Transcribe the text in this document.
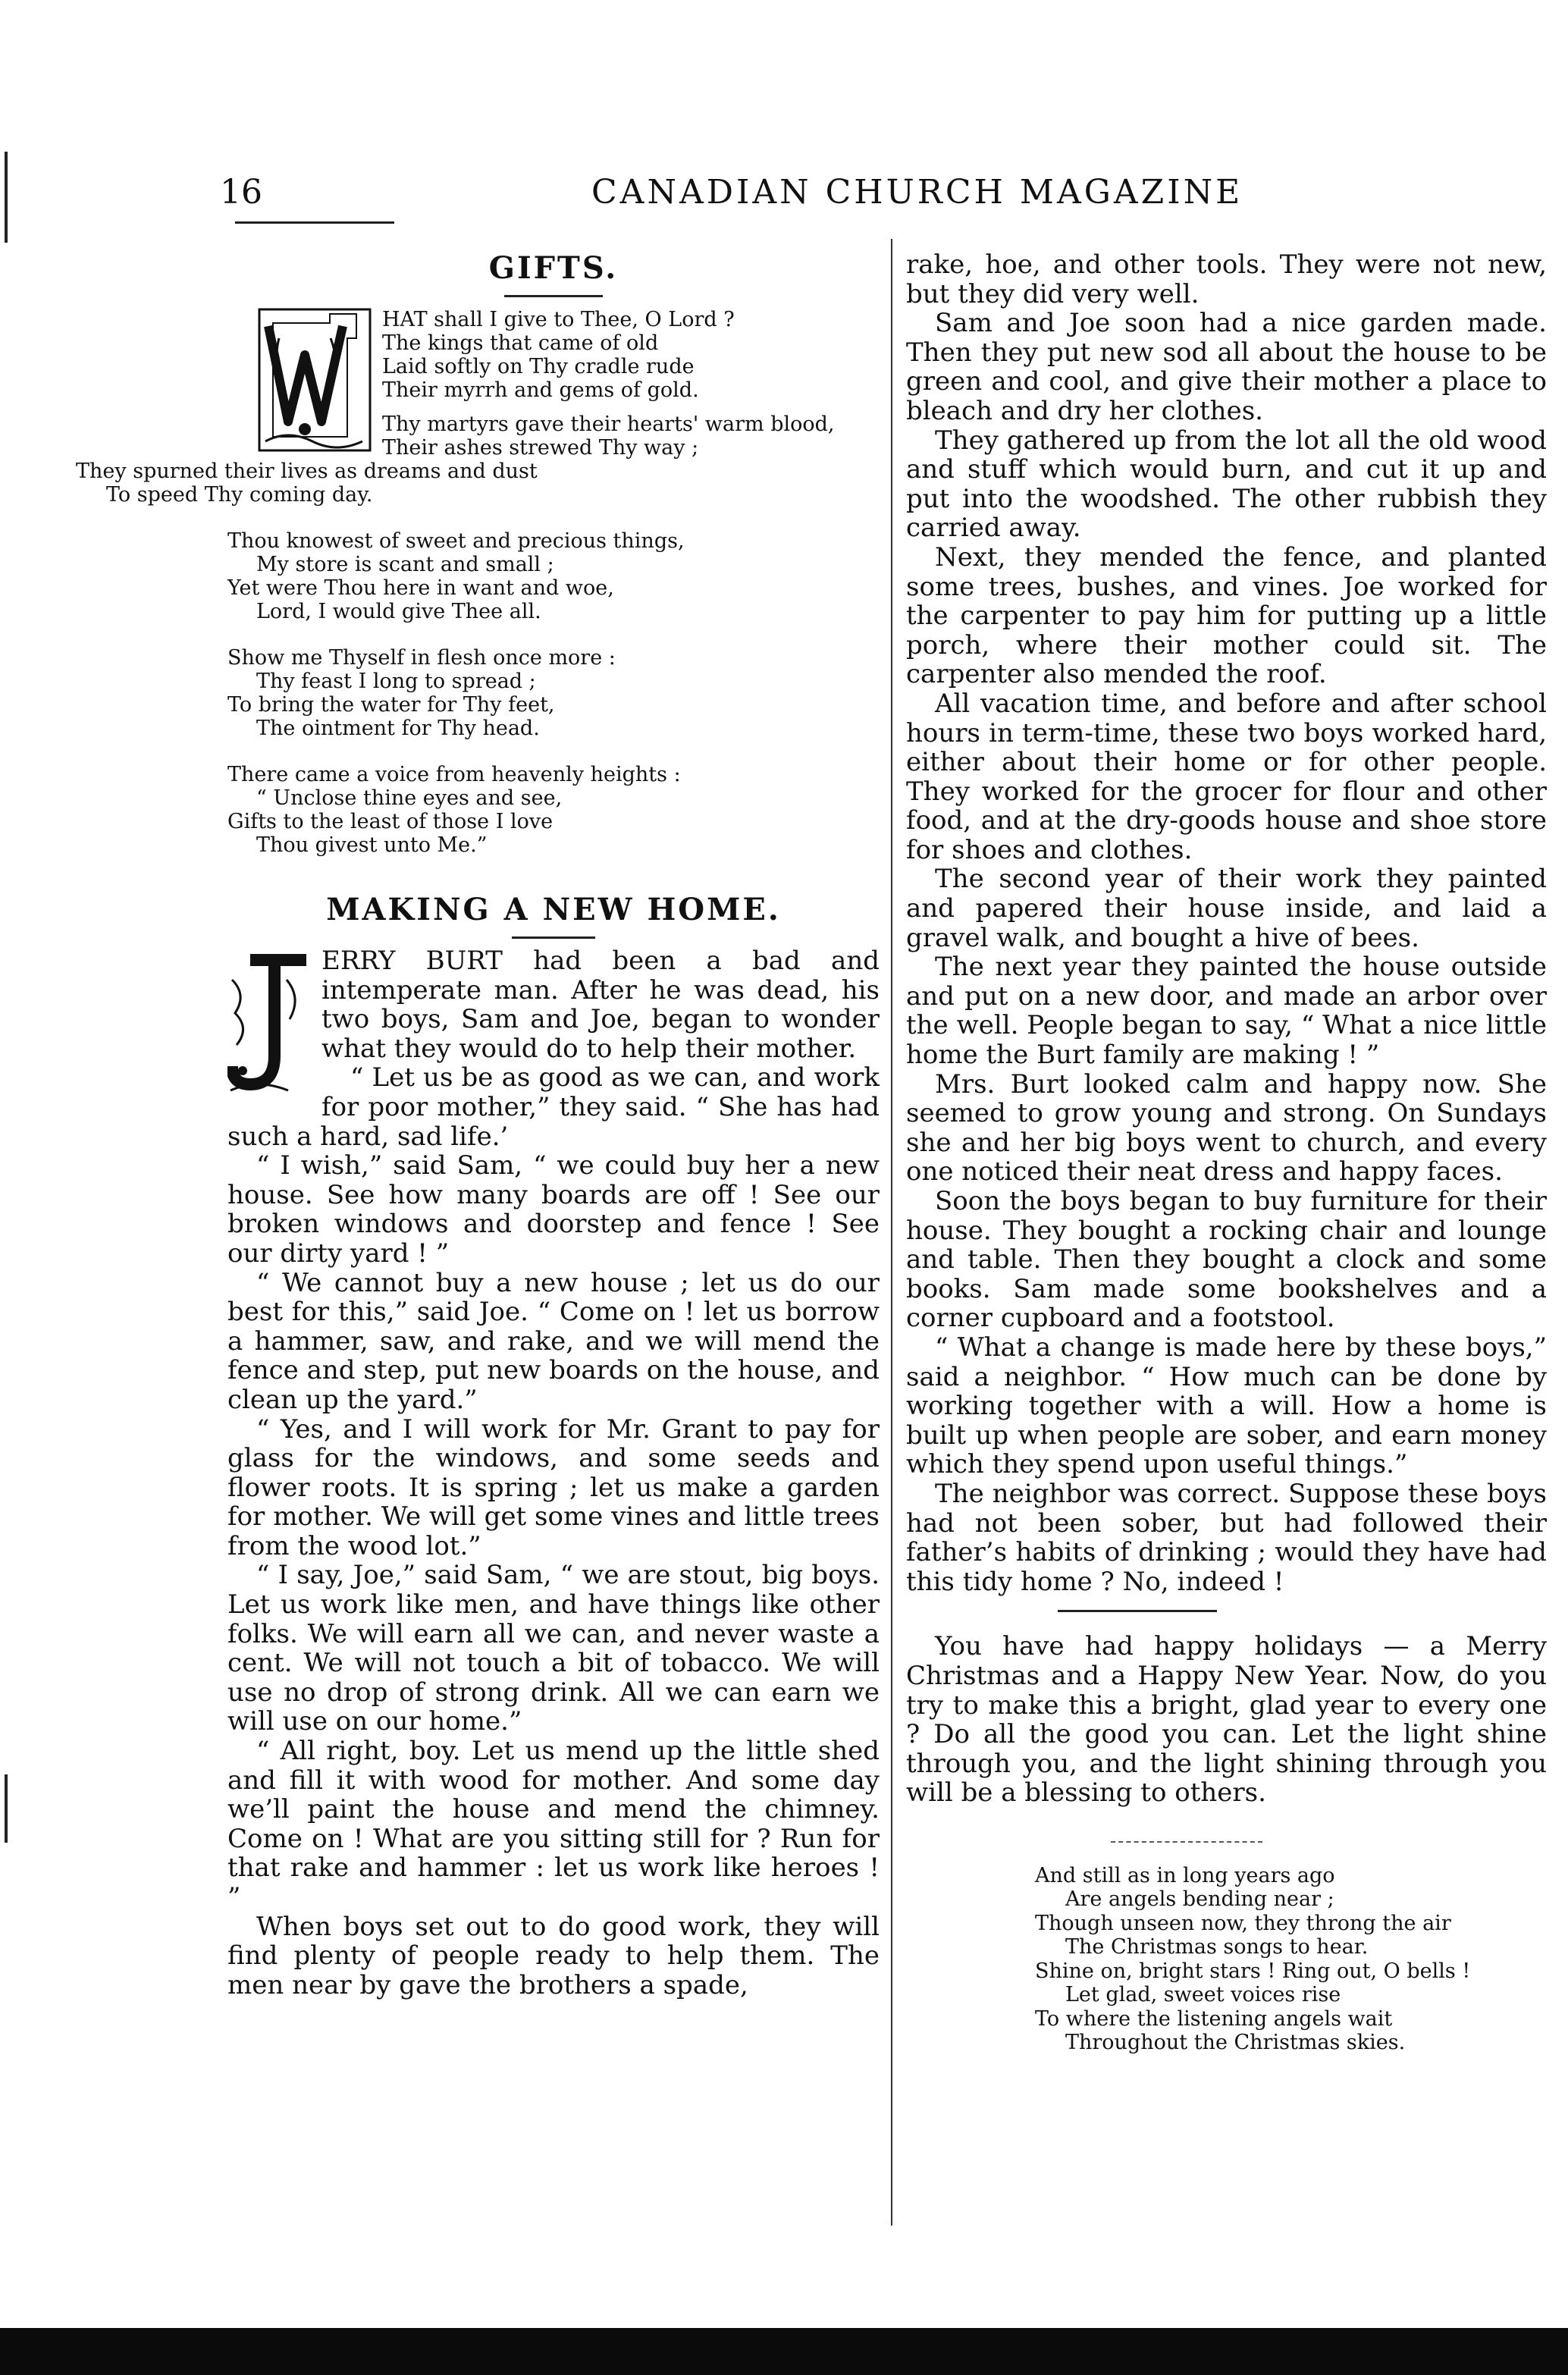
16	CANADIAN CHURCH MAGAZINE
GIFTS.
HAT shall I give to Thee, O Lord ?
The kings that came of old
Laid softly on Thy cradle rude
Their myrrh and gems of gold.
Thy martyrs gave their hearts' warm blood,
Their ashes strewed Thy way ;
They spurned their lives as dreams and dust
To speed Thy coming day.
Thou knowest of sweet and precious things,
My store is scant and small ;
Yet were Thou here in want and woe,
Lord, I would give Thee all.
Show me Thyself in flesh once more :
Thy feast I long to spread ;
To bring the water for Thy feet,
The ointment for Thy head.
There came a voice from heavenly heights :
“ Unclose thine eyes and see,
Gifts to the least of those I love
Thou givest unto Me.”
MAKING A NEW HOME.

ERRY BURT had been a bad and intemperate man. After he was dead, his two boys, Sam and Joe, began to wonder what they would do to help their mother.

“ Let us be as good as we can, and work for poor mother,” they said. “ She has had such a hard, sad life.’

“ I wish,” said Sam, “ we could buy her a new house. See how many boards are off ! See our broken windows and doorstep and fence ! See our dirty yard ! ”

“ We cannot buy a new house ; let us do our best for this,” said Joe. “ Come on ! let us borrow a hammer, saw, and rake, and we will mend the fence and step, put new boards on the house, and clean up the yard.”

“ Yes, and I will work for Mr. Grant to pay for glass for the windows, and some seeds and flower roots. It is spring ; let us make a garden for mother. We will get some vines and little trees from the wood lot.”

“ I say, Joe,” said Sam, “ we are stout, big boys. Let us work like men, and have things like other folks. We will earn all we can, and never waste a cent. We will not touch a bit of tobacco. We will use no drop of strong drink. All we can earn we will use on our home.”

“ All right, boy. Let us mend up the little shed and fill it with wood for mother. And some day we’ll paint the house and mend the chimney. Come on ! What are you sitting still for ? Run for that rake and hammer : let us work like heroes ! ”

When boys set out to do good work, they will find plenty of people ready to help them. The men near by gave the brothers a spade,

rake, hoe, and other tools. They were not new, but they did very well.

Sam and Joe soon had a nice garden made. Then they put new sod all about the house to be green and cool, and give their mother a place to bleach and dry her clothes.

They gathered up from the lot all the old wood and stuff which would burn, and cut it up and put into the woodshed. The other rubbish they carried away.

Next, they mended the fence, and planted some trees, bushes, and vines. Joe worked for the carpenter to pay him for putting up a little porch, where their mother could sit. The carpenter also mended the roof.

All vacation time, and before and after school hours in term-time, these two boys worked hard, either about their home or for other people. They worked for the grocer for flour and other food, and at the dry-goods house and shoe store for shoes and clothes.

The second year of their work they painted and papered their house inside, and laid a gravel walk, and bought a hive of bees.

The next year they painted the house outside and put on a new door, and made an arbor over the well. People began to say, “ What a nice little home the Burt family are making ! ”

Mrs. Burt looked calm and happy now. She seemed to grow young and strong. On Sundays she and her big boys went to church, and every one noticed their neat dress and happy faces.

Soon the boys began to buy furniture for their house. They bought a rocking chair and lounge and table. Then they bought a clock and some books. Sam made some bookshelves and a corner cupboard and a footstool.

“ What a change is made here by these boys,” said a neighbor. “ How much can be done by working together with a will. How a home is built up when people are sober, and earn money which they spend upon useful things.”

The neighbor was correct. Suppose these boys had not been sober, but had followed their father’s habits of drinking ; would they have had this tidy home ? No, indeed !

You have had happy holidays — a Merry Christmas and a Happy New Year. Now, do you try to make this a bright, glad year to every one ? Do all the good you can. Let the light shine through you, and the light shining through you will be a blessing to others.

And still as in long years ago
Are angels bending near ;
Though unseen now, they throng the air
The Christmas songs to hear.
Shine on, bright stars ! Ring out, O bells !
Let glad, sweet voices rise
To where the listening angels wait
Throughout the Christmas skies.
